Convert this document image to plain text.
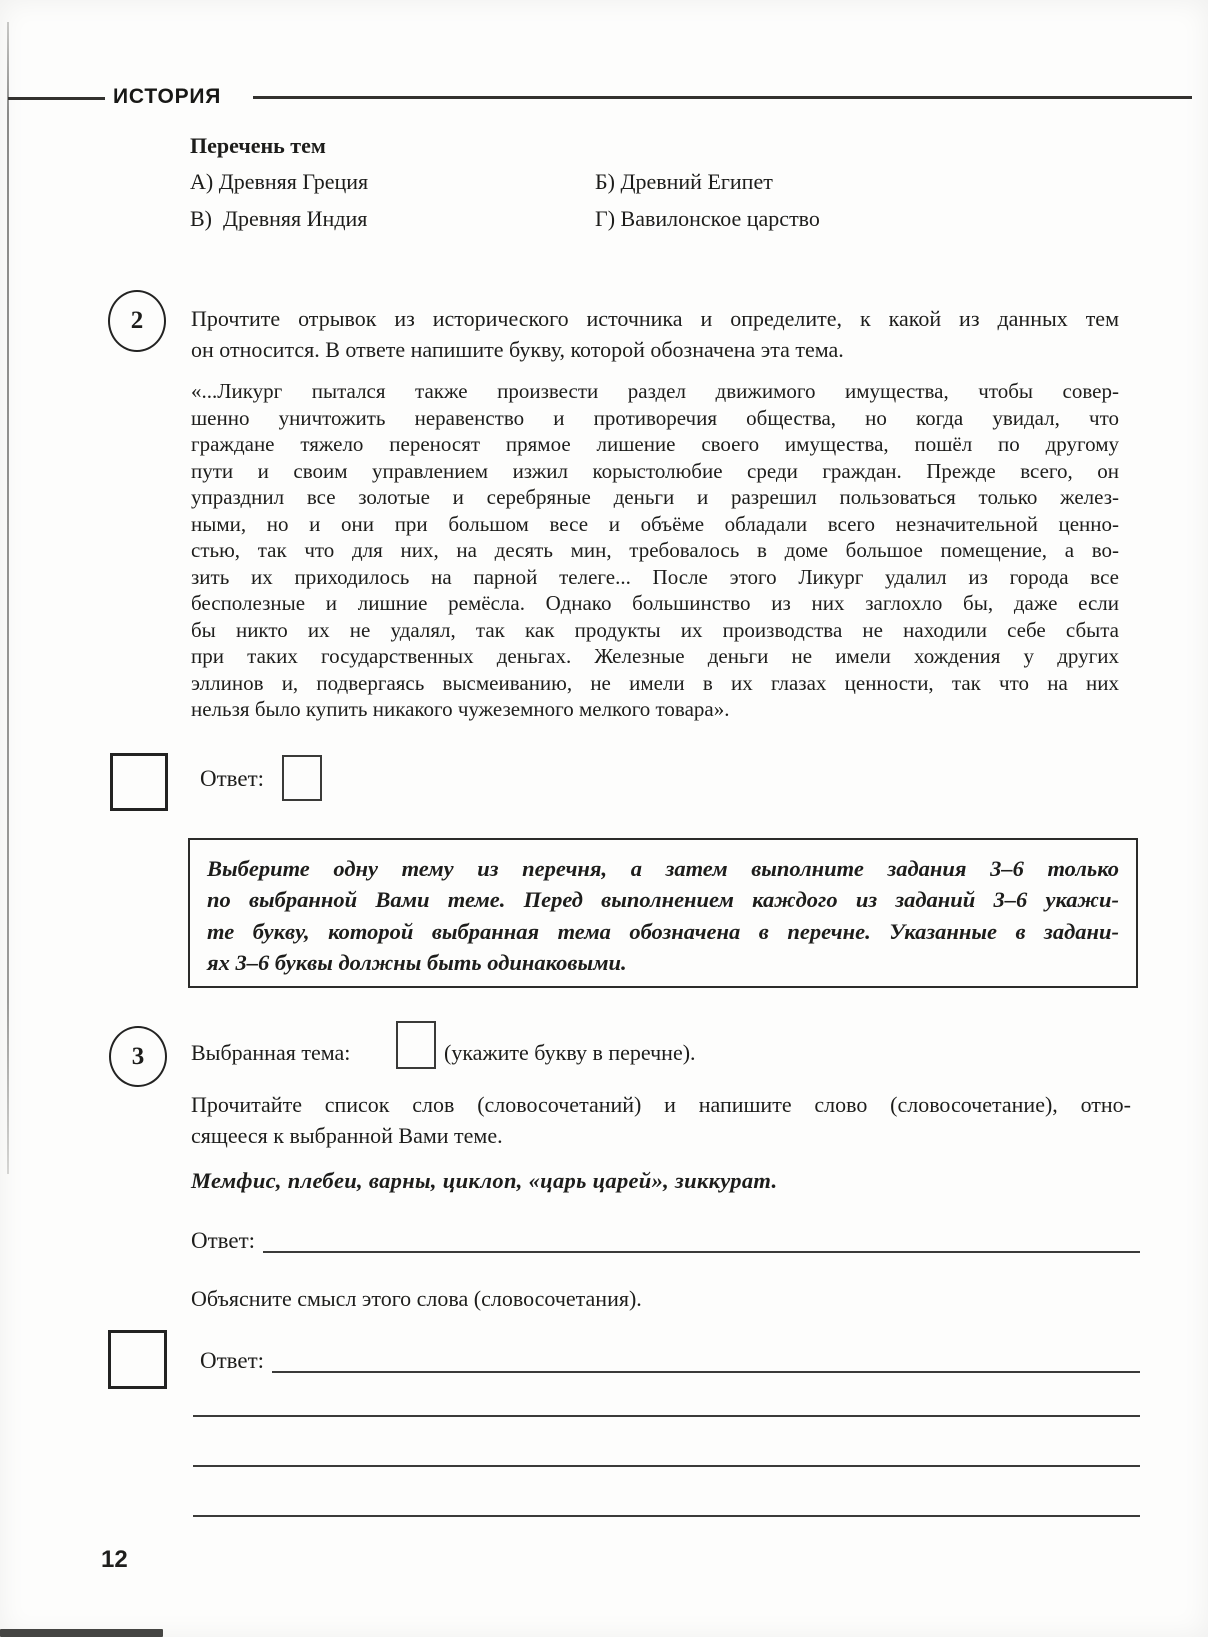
ИСТОРИЯ
Перечень тем
А) Древняя Греция	Б) Древний Египет
В) Древняя Индия	Г) Вавилонское царство
2 Прочтите отрывок из исторического источника и определите, к какой из данных тем
он относится. В ответе напишите букву, которой обозначена эта тема.
«...Ликург пытался также произвести раздел движимого имущества, чтобы совер-
шенно уничтожить неравенство и противоречия общества, но когда увидал, что
граждане тяжело переносят прямое лишение своего имущества, пошёл по другому
пути и своим управлением изжил корыстолюбие среди граждан. Прежде всего, он
упразднил все золотые и серебряные деньги и разрешил пользоваться только желез-
ными, но и они при большом весе и объёме обладали всего незначительной ценно-
стью, так что для них, на десять мин, требовалось в доме большое помещение, а во-
зить их приходилось на парной телеге... После этого Ликург удалил из города все
бесполезные и лишние ремёсла. Однако большинство из них заглохло бы, даже если
бы никто их не удалял, так как продукты их производства не находили себе сбыта
при таких государственных деньгах. Железные деньги не имели хождения у других
эллинов и, подвергаясь высмеиванию, не имели в их глазах ценности, так что на них
нельзя было купить никакого чужеземного мелкого товара».
Ответ:
Выберите одну тему из перечня, а затем выполните задания 3–6 только
по выбранной Вами теме. Перед выполнением каждого из заданий 3–6 укажи-
те букву, которой выбранная тема обозначена в перечне. Указанные в задани-
ях 3–6 буквы должны быть одинаковыми.
3 Выбранная тема:	(укажите букву в перечне).
Прочитайте список слов (словосочетаний) и напишите слово (словосочетание), отно-
сящееся к выбранной Вами теме.
Мемфис, плебеи, варны, циклоп, «царь царей», зиккурат.
Ответ:
Объясните смысл этого слова (словосочетания).
Ответ:
12
